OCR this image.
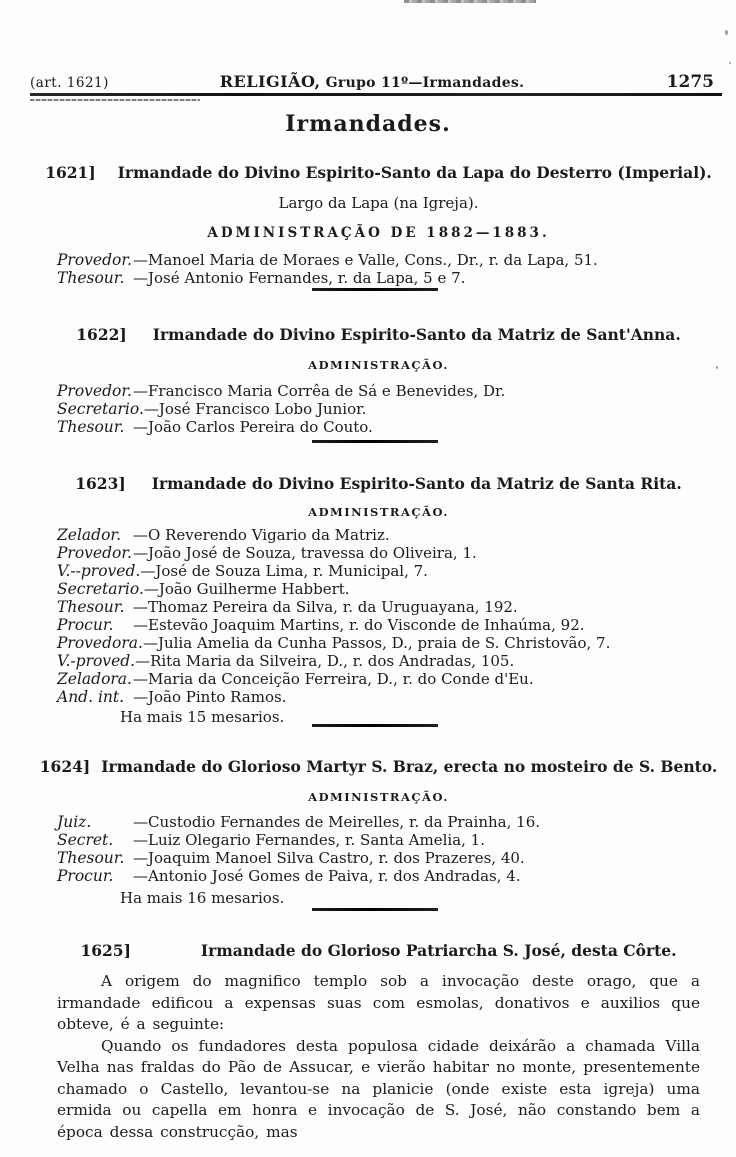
(art. 1621)	RELIGIÃO, Grupo 11º—Irmandades.	1275
Irmandades.
1621] Irmandade do Divino Espirito-Santo da Lapa do Desterro (Imperial).
Largo da Lapa (na Igreja).
ADMINISTRAÇÃO DE 1882—1883.
Provedor.—Manoel Maria de Moraes e Valle, Cons., Dr., r. da Lapa, 51.
Thesour. —José Antonio Fernandes, r. da Lapa, 5 e 7.
1622] Irmandade do Divino Espirito-Santo da Matriz de Sant'Anna.
ADMINISTRAÇÃO.
Provedor.—Francisco Maria Corrêa de Sá e Benevides, Dr.
Secretario.—José Francisco Lobo Junior.
Thesour. —João Carlos Pereira do Couto.
1623] Irmandade do Divino Espirito-Santo da Matriz de Santa Rita.
ADMINISTRAÇÃO.
Zelador. —O Reverendo Vigario da Matriz.
Provedor.—João José de Souza, travessa do Oliveira, 1.
V.--proved.—José de Souza Lima, r. Municipal, 7.
Secretario.—João Guilherme Habbert.
Thesour. —Thomaz Pereira da Silva, r. da Uruguayana, 192.
Procur. —Estevão Joaquim Martins, r. do Visconde de Inhaúma, 92.
Provedora.—Julia Amelia da Cunha Passos, D., praia de S. Christovão, 7.
V.-proved.—Rita Maria da Silveira, D., r. dos Andradas, 105.
Zeladora.—Maria da Conceição Ferreira, D., r. do Conde d'Eu.
And. int. —João Pinto Ramos.
Ha mais 15 mesarios.
1624] Irmandade do Glorioso Martyr S. Braz, erecta no mosteiro de S. Bento.
ADMINISTRAÇÃO.
Juiz.	—Custodio Fernandes de Meirelles, r. da Prainha, 16.
Secret. —Luiz Olegario Fernandes, r. Santa Amelia, 1.
Thesour. —Joaquim Manoel Silva Castro, r. dos Prazeres, 40.
Procur. —Antonio José Gomes de Paiva, r. dos Andradas, 4.
Ha mais 16 mesarios.
1625]	Irmandade do Glorioso Patriarcha S. José, desta Côrte.

A origem do magnifico templo sob a invocação deste orago, que a irmandade edificou a expensas suas com esmolas, donativos e auxilios que obteve, é a seguinte:

Quando os fundadores desta populosa cidade deixárão a chamada Villa Velha nas fraldas do Pão de Assucar, e vierão habitar no monte, presentemente chamado o Castello, levantou-se na planicie (onde existe esta igreja) uma ermida ou capella em honra e invocação de S. José, não constando bem a época dessa construcção, mas
